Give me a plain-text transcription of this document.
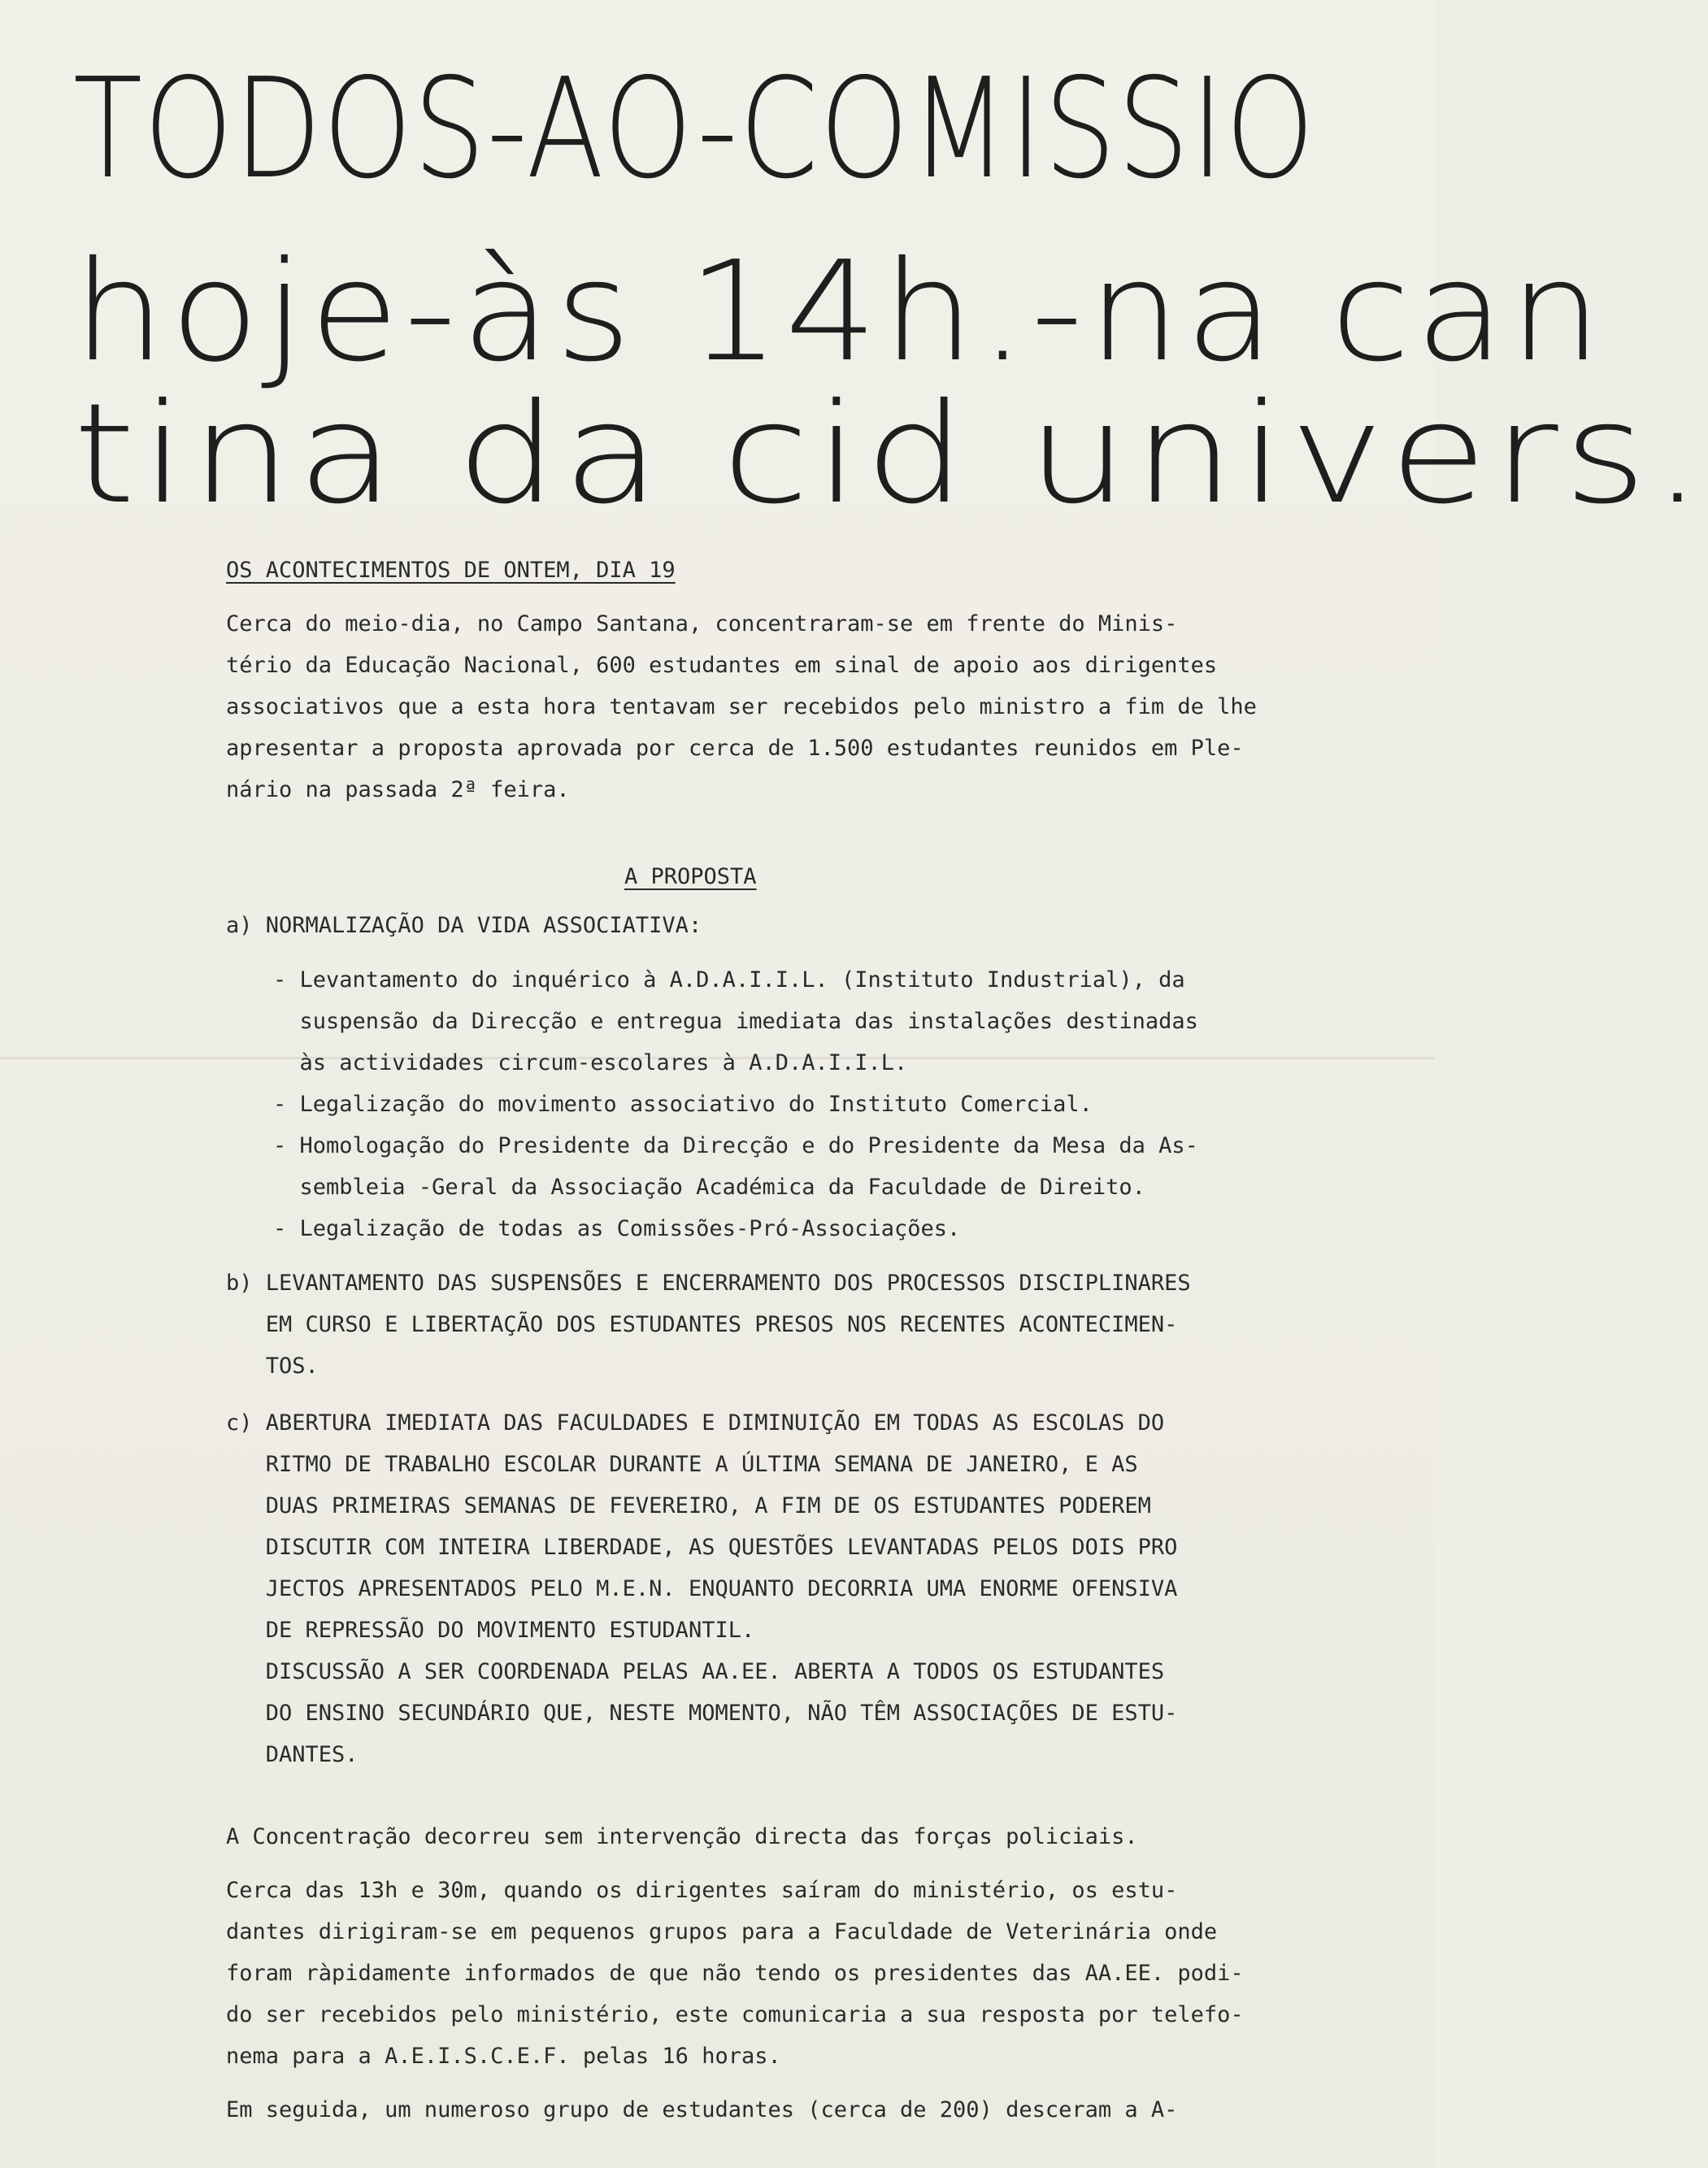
TODOS-AO-COMISSIO
hoje-às 14h.-na can
tina da cid univers.
OS ACONTECIMENTOS DE ONTEM, DIA 19
Cerca do meio-dia, no Campo Santana, concentraram-se em frente do Minis-
tério da Educação Nacional, 600 estudantes em sinal de apoio aos dirigentes
associativos que a esta hora tentavam ser recebidos pelo ministro a fim de lhe
apresentar a proposta aprovada por cerca de 1.500 estudantes reunidos em Ple-
nário na passada 2ª feira.
A PROPOSTA
a) NORMALIZAÇÃO DA VIDA ASSOCIATIVA:
- Levantamento do inquérico à A.D.A.I.I.L. (Instituto Industrial), da
suspensão da Direcção e entregua imediata das instalações destinadas
às actividades circum-escolares à A.D.A.I.I.L.
- Legalização do movimento associativo do Instituto Comercial.
- Homologação do Presidente da Direcção e do Presidente da Mesa da As-
sembleia -Geral da Associação Académica da Faculdade de Direito.
- Legalização de todas as Comissões-Pró-Associações.
b) LEVANTAMENTO DAS SUSPENSÕES E ENCERRAMENTO DOS PROCESSOS DISCIPLINARES
EM CURSO E LIBERTAÇÃO DOS ESTUDANTES PRESOS NOS RECENTES ACONTECIMEN-
TOS.
c) ABERTURA IMEDIATA DAS FACULDADES E DIMINUIÇÃO EM TODAS AS ESCOLAS DO
RITMO DE TRABALHO ESCOLAR DURANTE A ÚLTIMA SEMANA DE JANEIRO, E AS
DUAS PRIMEIRAS SEMANAS DE FEVEREIRO, A FIM DE OS ESTUDANTES PODEREM
DISCUTIR COM INTEIRA LIBERDADE, AS QUESTÕES LEVANTADAS PELOS DOIS PRO
JECTOS APRESENTADOS PELO M.E.N. ENQUANTO DECORRIA UMA ENORME OFENSIVA
DE REPRESSÃO DO MOVIMENTO ESTUDANTIL.
DISCUSSÃO A SER COORDENADA PELAS AA.EE. ABERTA A TODOS OS ESTUDANTES
DO ENSINO SECUNDÁRIO QUE, NESTE MOMENTO, NÃO TÊM ASSOCIAÇÕES DE ESTU-
DANTES.
A Concentração decorreu sem intervenção directa das forças policiais.
Cerca das 13h e 30m, quando os dirigentes saíram do ministério, os estu-
dantes dirigiram-se em pequenos grupos para a Faculdade de Veterinária onde
foram ràpidamente informados de que não tendo os presidentes das AA.EE. podi-
do ser recebidos pelo ministério, este comunicaria a sua resposta por telefo-
nema para a A.E.I.S.C.E.F. pelas 16 horas.
Em seguida, um numeroso grupo de estudantes (cerca de 200) desceram a A-
